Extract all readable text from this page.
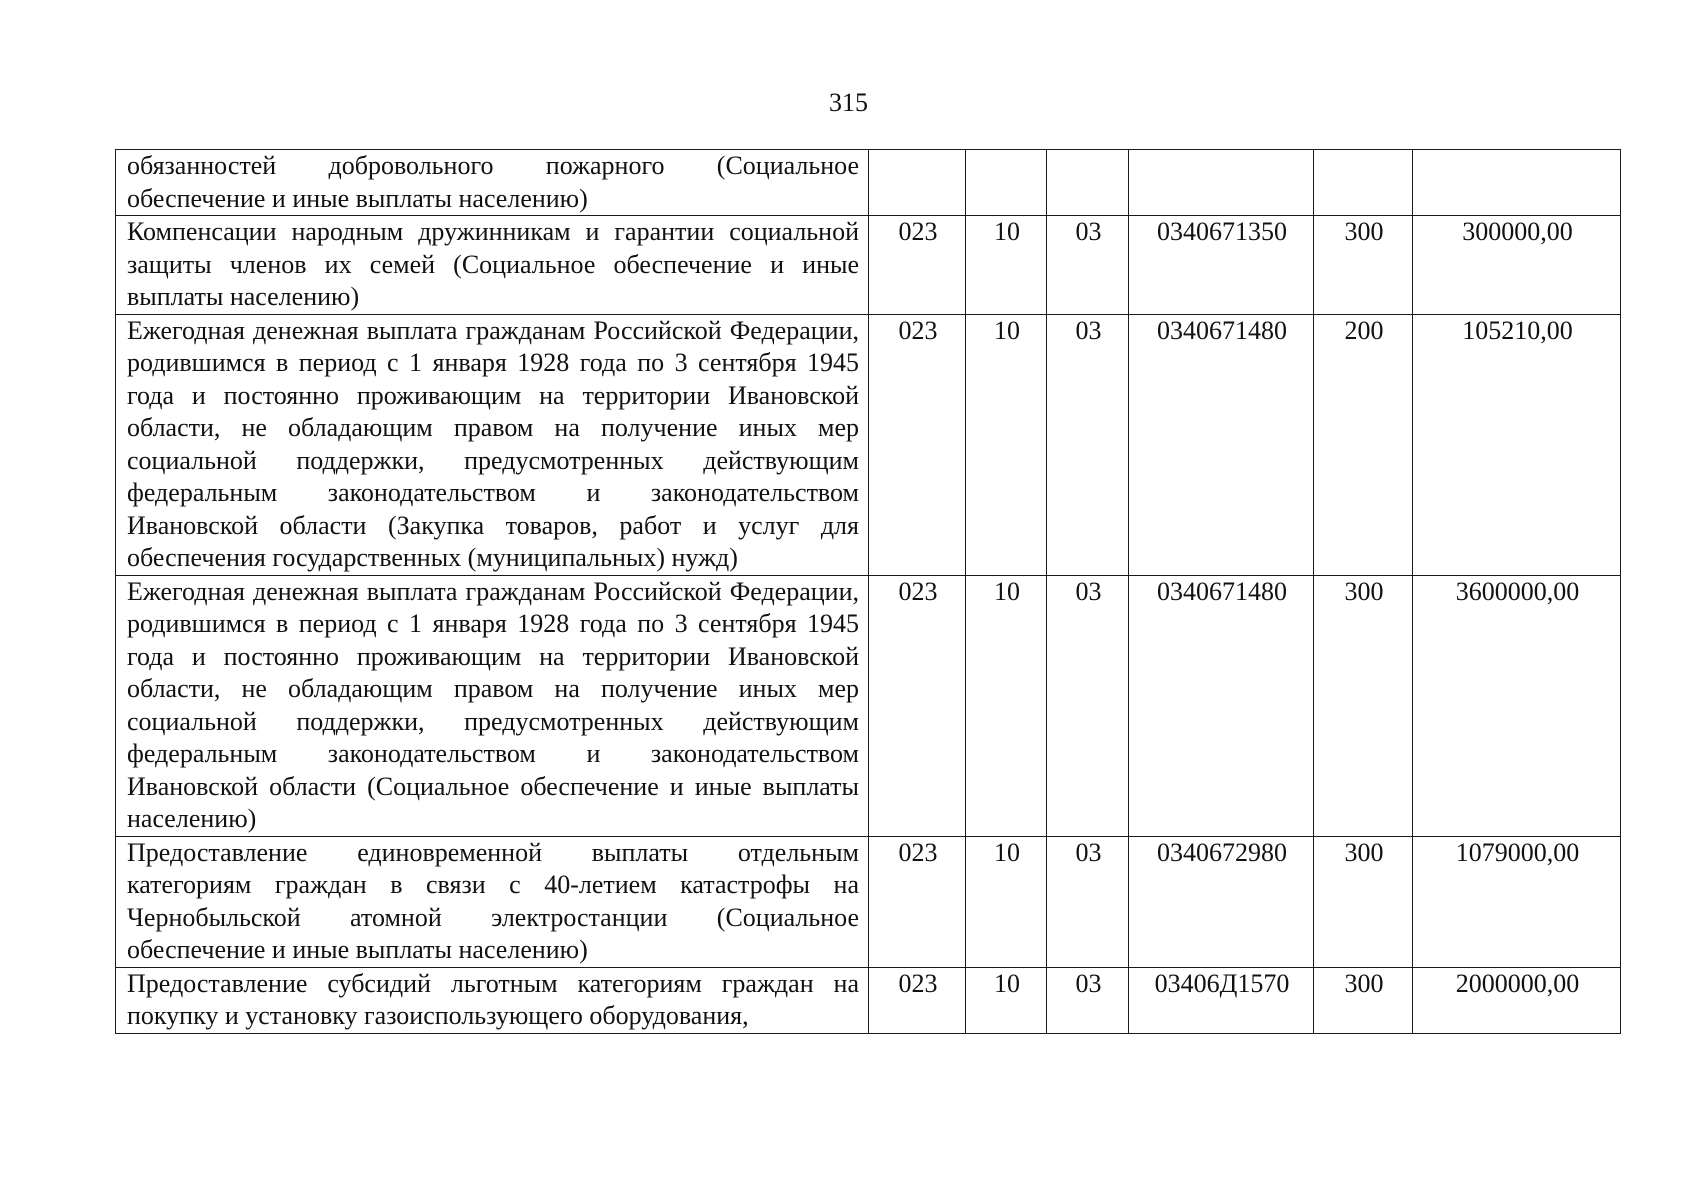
315
обязанностей добровольного пожарного (Социальное обеспечение и иные выплаты населению)						
Компенсации народным дружинникам и гарантии социальной защиты членов их семей (Социальное обеспечение и иные выплаты населению)	023	10	03	0340671350	300	300000,00
Ежегодная денежная выплата гражданам Российской Федерации, родившимся в период с 1 января 1928 года по 3 сентября 1945 года и постоянно проживающим на территории Ивановской области, не обладающим правом на получение иных мер социальной поддержки, предусмотренных действующим федеральным законодательством и законодательством Ивановской области (Закупка товаров, работ и услуг для обеспечения государственных (муниципальных) нужд)	023	10	03	0340671480	200	105210,00
Ежегодная денежная выплата гражданам Российской Федерации, родившимся в период с 1 января 1928 года по 3 сентября 1945 года и постоянно проживающим на территории Ивановской области, не обладающим правом на получение иных мер социальной поддержки, предусмотренных действующим федеральным законодательством и законодательством Ивановской области (Социальное обеспечение и иные выплаты населению)	023	10	03	0340671480	300	3600000,00
Предоставление единовременной выплаты отдельным категориям граждан в связи с 40-летием катастрофы на Чернобыльской атомной электростанции (Социальное обеспечение и иные выплаты населению)	023	10	03	0340672980	300	1079000,00
Предоставление субсидий льготным категориям граждан на покупку и установку газоиспользующего оборудования,	023	10	03	03406Д1570	300	2000000,00
